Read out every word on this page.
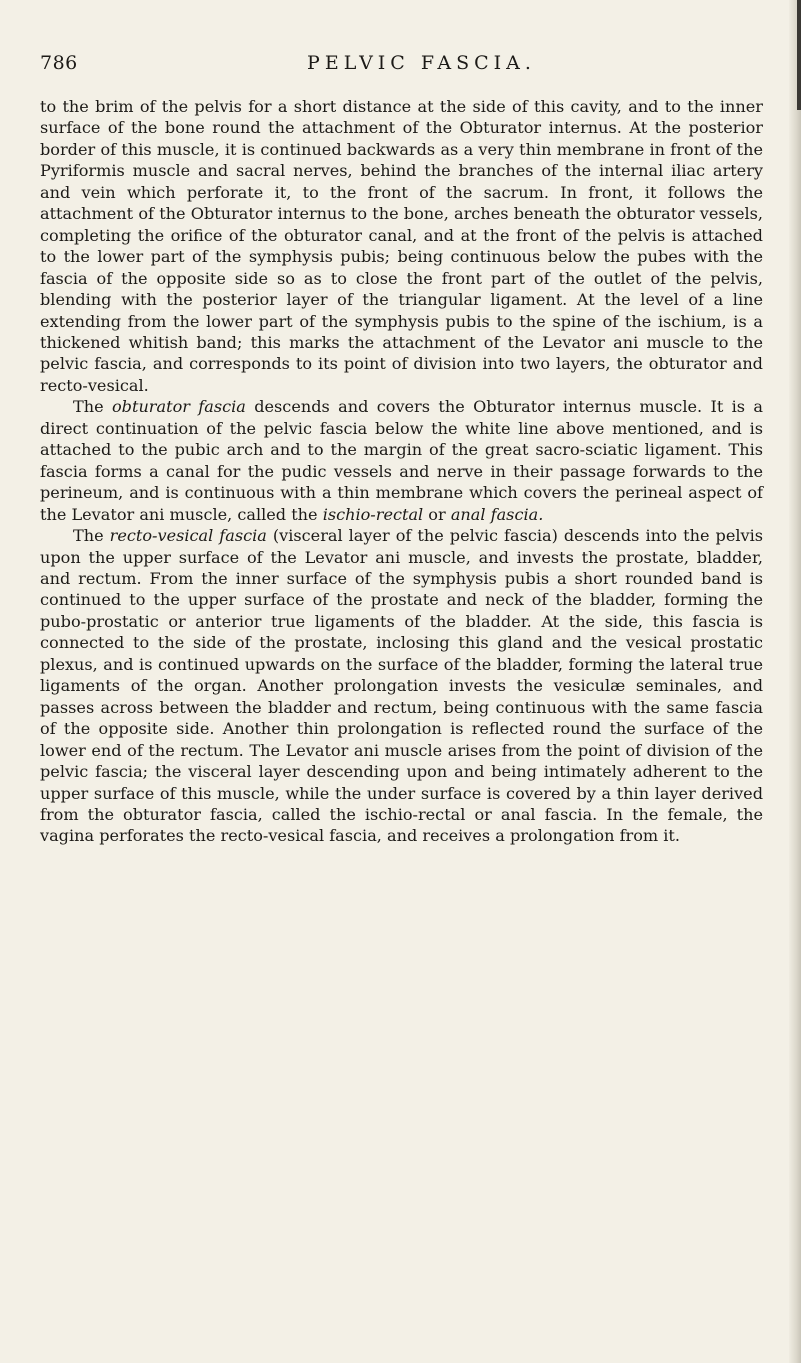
786	PELVIC FASCIA.

to the brim of the pelvis for a short distance at the side of this cavity, and to the inner surface of the bone round the attachment of the Obturator internus. At the posterior border of this muscle, it is continued backwards as a very thin membrane in front of the Pyriformis muscle and sacral nerves, behind the branches of the internal iliac artery and vein which perforate it, to the front of the sacrum. In front, it follows the attachment of the Obturator internus to the bone, arches beneath the obturator vessels, completing the orifice of the obturator canal, and at the front of the pelvis is attached to the lower part of the symphysis pubis; being continuous below the pubes with the fascia of the opposite side so as to close the front part of the outlet of the pelvis, blending with the posterior layer of the triangular ligament. At the level of a line extending from the lower part of the symphysis pubis to the spine of the ischium, is a thickened whitish band; this marks the attachment of the Levator ani muscle to the pelvic fascia, and corresponds to its point of division into two layers, the obturator and recto-vesical.

The obturator fascia descends and covers the Obturator internus muscle. It is a direct continuation of the pelvic fascia below the white line above mentioned, and is attached to the pubic arch and to the margin of the great sacro-sciatic ligament. This fascia forms a canal for the pudic vessels and nerve in their passage forwards to the perineum, and is continuous with a thin membrane which covers the perineal aspect of the Levator ani muscle, called the ischio-rectal or anal fascia.

The recto-vesical fascia (visceral layer of the pelvic fascia) descends into the pelvis upon the upper surface of the Levator ani muscle, and invests the prostate, bladder, and rectum. From the inner surface of the symphysis pubis a short rounded band is continued to the upper surface of the prostate and neck of the bladder, forming the pubo-prostatic or anterior true ligaments of the bladder. At the side, this fascia is connected to the side of the prostate, inclosing this gland and the vesical prostatic plexus, and is continued upwards on the surface of the bladder, forming the lateral true ligaments of the organ. Another prolongation invests the vesiculæ seminales, and passes across between the bladder and rectum, being continuous with the same fascia of the opposite side. Another thin prolongation is reflected round the surface of the lower end of the rectum. The Levator ani muscle arises from the point of division of the pelvic fascia; the visceral layer descending upon and being intimately adherent to the upper surface of this muscle, while the under surface is covered by a thin layer derived from the obturator fascia, called the ischio-rectal or anal fascia. In the female, the vagina perforates the recto-vesical fascia, and receives a prolongation from it.
